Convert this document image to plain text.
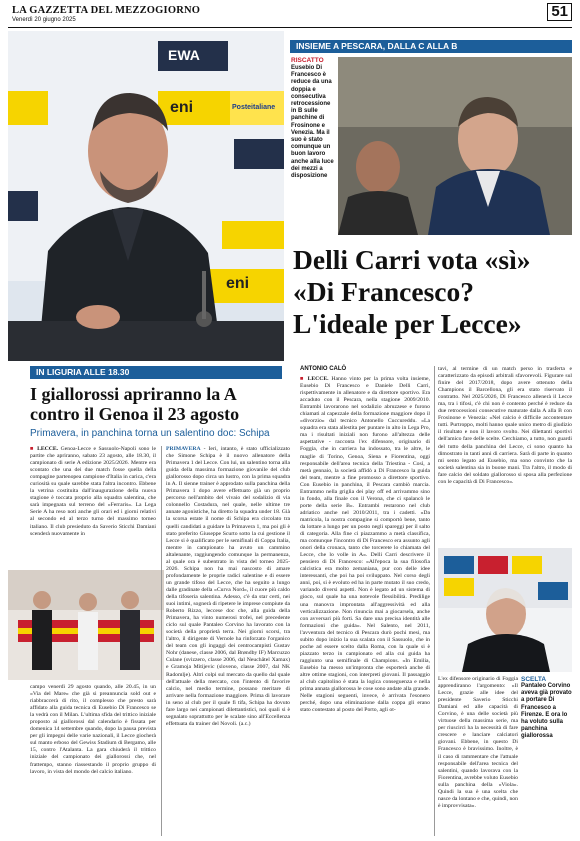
LA GAZZETTA DEL MEZZOGIORNO
Venerdì 20 giugno 2025	51
eni	Posteitaliane
EWA
eni
INSIEME A PESCARA, DALLA C ALLA B
RISCATTO
Eusebio Di Francesco è reduce da una doppia e consecutiva retrocessione in B sulle panchine di Frosinone e Venezia. Ma il suo è stato comunque un buon lavoro anche alla luce dei mezzi a disposizione
Delli Carri vota «sì» «Di Francesco? L'ideale per Lecce»
IN LIGURIA ALLE 18.30
I giallorossi apriranno la A contro il Genoa il 23 agosto
Primavera, in panchina torna un salentino doc: Schipa
■ LECCE. Genoa-Lecce e Sassuolo-Napoli sono le partite che apriranno, sabato 23 agosto, alle 18.30, il campionato di serie A edizione 2025/2026. Mentre era scontato che una dei due match fosse quella della compagine partenopea campione d'Italia in carica, c'era curiosità su quale sarebbe stata l'altra incontro. Ebbene la vetrina costituita dall'inaugurazione della nuova stagione è toccata proprio alla squadra salentina, che sarà impegnata sul terreno del «Ferraris». La Lega Serie A ha reso noti anche gli orari ed i giorni relativi al secondo ed al terzo turno del massimo torneo italiano. Il club presieduto da Saverio Sticchi Damiani scenderà nuovamente in
campo venerdì 29 agosto quando, alle 20.45, in un «Via del Mare» che già si preannuncia sold out e riabbraccerà di rito, il complesso che presto sarà affidato alla guida tecnica di Eusebio Di Francesco se la vedrà con il Milan. L'ultima sfida del trittico iniziale proposto ai giallorossi dal calendario è fissata per domenica 14 settembre quando, dopo la pausa prevista per gli impegni delle varie nazionali, il Lecce giocherà sul manto erboso del Gewiss Stadium di Bergamo, alle 15, contro l'Atalanta. La gara chiuderà il trittico iniziale del campionato dei giallorossi che, nel frattempo, stanno riassestando il proprio gruppo di lavoro, in vista del mondo del calcio italiano.
PRIMAVERA - Ieri, intanto, è stato ufficializzato che Simone Schipa è il nuovo allenatore della Primavera 1 del Lecce. Con lui, un salentino torna alla guida della massima formazione giovanile del club giallorosso dopo circa un lustro, con la prima squadra in A. Il sienne trainer è approdato sulla panchina della Primavera 1 dopo avere effettuato già un proprio percorso nell'ambito del vivaio del sodalizio di via colonnello Costadura, nel quale, nelle ultime tre annate agonistiche, ha diretto la squadra under 18. Già la scorsa estate il nome di Schipa era circolato tra quelli candidati a guidare la Primavera 1, ma poi gli è stato preferito Giuseppe Scurto sotto la cui gestione il Lecce si è qualificato per le semifinali di Coppa Italia, mentre in campionato ha avuto un cammino altalenante, raggiungendo comunque la permanenza, al quale ora è subentrato in vista del torneo 2025-2026. Schipa non ha mai nascosto di amare profondamente le proprie radici salentine e di essere un grande tifoso del Lecce, che ha seguito a lungo dalle gradinate della «Curva Nord», il cuore più caldo della tifoseria salentina. Adesso, c'è da star certi, nei suoi intimi, sognerà di ripetere le imprese compiute da Roberto Rizzo, leccese doc che, alla guida della Primavera, ha vinto numerosi trofei, nel precedente ciclo sul quale Pantaleo Corvino ha lavorato con la società della proprietà terra. Nei giorni scorsi, tra l'altro, il dirigente di Vernole ha rinforzato l'organico del team con gli ingaggi dei centrocampisti Gustav Nohr (danese, classe 2006, dal Brøndby IF) Marcuzzo Culane (svizzero, classe 2006, dal Neuchâtel Xamax) e Gramoja Mitijevic (sloveno, classe 2007, dal NK Radomlje). Altri colpi sul mercato da quello dal quale dell'attuale della mercato, con l'intento di favorire calcio, nel medio termine, possano meritare di arrivare nella formazione maggiore. Prima di lavorare in seno al club per il quale fi tifa, Schipa ha dovuto fare largo nei campionati dilettantistici, noi quali si è segnalato soprattutto per le scalate sino all'Eccellenza effettuata da trainer del Novoli. (a.c.)
ANTONIO CALÒ
■ LECCE. Hanno vinto per la prima volta insieme, Eusebio Di Francesco e Daniele Delli Carri, rispettivamente in allenatore e da direttore sportivo. Era accaduto con il Pescara, nella stagione 2009/2010. Entrambi lavorarono nel sodalizio abruzzese e furono chiamati al capezzale della formazione maggiore dopo il «divorzio» dal tecnico Antonello Cuccureddu. «La squadra era stata allestita per puntare in alto in Lega Pro, ma i risultati iniziali non furono all'altezza delle aspettative - racconta l'ex difensore, originario di Foggia, che in carriera ha indossato, tra le altre, le maglie di Torino, Genoa, Siena e Fiorentina, oggi responsabile dell'area tecnica della Triestina - Così, a metà gennaio, la società affidò a Di Francesco la guida del team, mentre a fine promosso a direttore sportivo. Con Eusebio in panchina, il Pescara cambiò marcia. Entrammo nella griglia dei play off ed arrivammo sino in fondo, alla finale con il Verona, che ci spalancò le porte della serie B». Entrambi restarono nel club adriatico anche nel 2010/2011, tra i cadetti. «Da matricola, la nostra compagine si comportò bene, tanto da lottare a lungo per un posto negli spareggi per il salto di categoria. Alla fine ci piazzammo a metà classifica, ma comunque l'incontro di Di Francesco era assunto agli onori della cronaca, tanto che torcerete lo chiamata del Lecce, che lo volle in A». Delli Carri descrivere il pensiero di Di Francesco: «All'epoca la sua filosofia calcistica era molto zemaniana, pur con delle idee interessanti, che poi ha poi sviluppato. Nel corso degli anni, poi, si è evoluto ed ha in parte mutato il suo credo, variando diversi aspetti. Non è legato ad un sistema di gioco, sul quale ha una notevole flessibilità. Predilige una manovra improntata all'aggressività ed alla verticalizzazione. Non rinuncia mai a giocarsela, anche con avversari più forti. Sa dare una precisa identità alle formazioni che guida». Nel Salento, nel 2011, l'avventura del tecnico di Pescara durò pochi mesi, ma subito dopo inizio la sua scalata con il Sassuolo, che in poche ad essere scelto dalla Roma, con la quale si è piazzato terzo in campionato ed alla cui guida ha raggiunto una semifinale di Champions. «In Emilia, Eusebio ha messo un'impronta che esporterà anche di altre ottime stagioni, con interpreti giovani. Il passaggio al club capitolino è stata la logica conseguenza e nella prima annata giallorossa le cose sono andate alla grande. Nelle stagioni seguenti, invece, è arrivata l'esonero perché, dopo una eliminazione dalla coppa gli erano stato contestato al posto del Porto, agli ot-
tavi, al termine di un match perso in trasferta e caratterizzato da episodi arbitrali sfavorevoli. Figurare sul finire del 2017/2018, dopo avere ottenuto della Champions il Barcellona, gli era stato riservato il contratto. Nel 2025/2026, Di Francesco allenerà il Lecce ma, tra i tifosi, c'è chi non è contento perché è reduce da due retrocessioni consecutive maturate dalla A alla B con Frosinone e Venezia: «Nel calcio è difficile accontentare tutti. Purtroppo, molti hanno quale unico metro di giudizio il risultato e non il lavoro svolto. Nei dilettanti sportivi dell'amico fare delle scelte. Cerchiamo, a tutto, non guardi del tutto della panchina del Lecce, ci sono quanto ha dimostrato in tanti anni di carriera. Sarà di parte in quanto mi sento legato ad Eusebio, ma sono convinto che la società salentina sia in buone mani. Tra l'altro, il modo di fare calcio del soldato giallorosso si sposa alla perfezione con le capacità di Di Francesco».
SCELTA
Pantaleo Corvino aveva già provato a portare Di Francesco a Firenze. E ora lo ha voluto sulla panchina giallorossa
L'ex difensore originario di Foggia apprendiranno l'argomento: «Il Lecce, grazie alle idee del presidente Saverio Sticchi Damiani ed alle capacità di Corvino, è una delle società più virtuose della massima serie, ma per riuscirci ha la necessità di fare crescere e lanciare calciatori giovani. Ebbene, in questo Di Francesco è bravissimo. Inoltre, è il caso di rammentare che l'attuale responsabile dell'area tecnica del salentini, quando lavorava con la Fiorentina, avrebbe voluto Eusebio sulla panchina della «Viola». Quindi la sua è una scelta che nasce da lontano e che, quindi, non è improvvisata».
